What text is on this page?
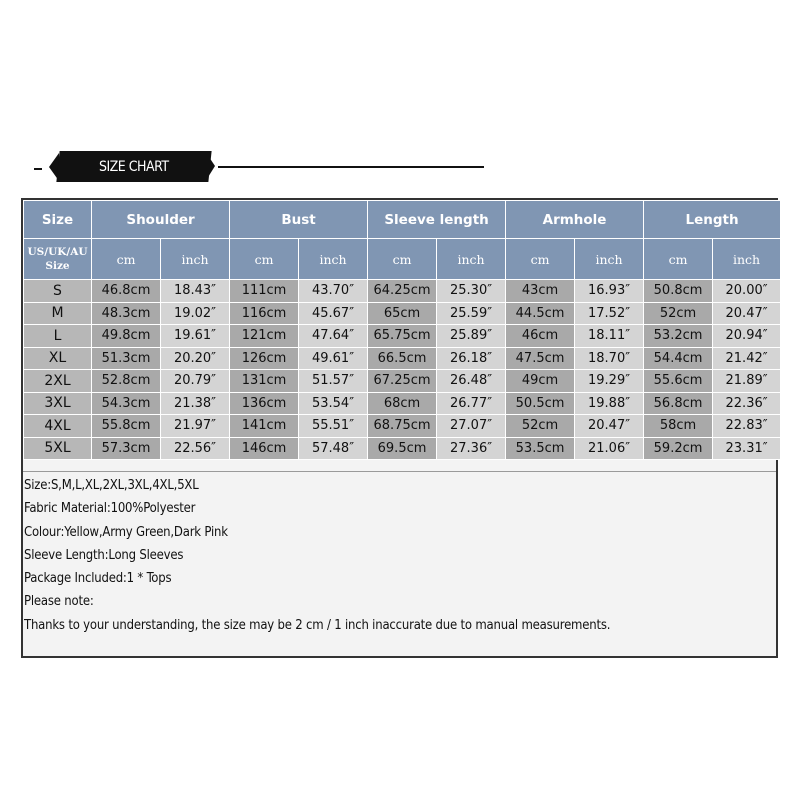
SIZE CHART
Size	Shoulder		Bust		Sleeve length		Armhole		Length	

US/UK/AU
Size	cm	inch	cm	inch	cm	inch	cm	inch	cm	inch
S	46.8cm	18.43″	111cm	43.70″	64.25cm	25.30″	43cm	16.93″	50.8cm	20.00″
M	48.3cm	19.02″	116cm	45.67″	65cm	25.59″	44.5cm	17.52″	52cm	20.47″
L	49.8cm	19.61″	121cm	47.64″	65.75cm	25.89″	46cm	18.11″	53.2cm	20.94″
XL	51.3cm	20.20″	126cm	49.61″	66.5cm	26.18″	47.5cm	18.70″	54.4cm	21.42″
2XL	52.8cm	20.79″	131cm	51.57″	67.25cm	26.48″	49cm	19.29″	55.6cm	21.89″
3XL	54.3cm	21.38″	136cm	53.54″	68cm	26.77″	50.5cm	19.88″	56.8cm	22.36″
4XL	55.8cm	21.97″	141cm	55.51″	68.75cm	27.07″	52cm	20.47″	58cm	22.83″
5XL	57.3cm	22.56″	146cm	57.48″	69.5cm	27.36″	53.5cm	21.06″	59.2cm	23.31″
Size:S,M,L,XL,2XL,3XL,4XL,5XL
Fabric Material:100%Polyester
Colour:Yellow,Army Green,Dark Pink
Sleeve Length:Long Sleeves
Package Included:1 * Tops
Please note:
Thanks to your understanding, the size may be 2 cm / 1 inch inaccurate due to manual measurements.
